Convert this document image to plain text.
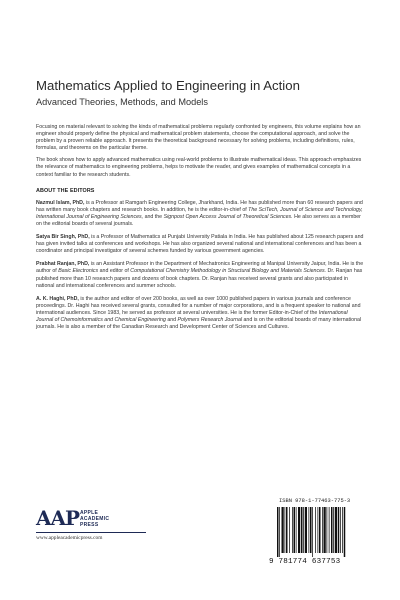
Mathematics Applied to Engineering in Action
Advanced Theories, Methods, and Models

Focusing on material relevant to solving the kinds of mathematical problems regularly confronted by engineers, this volume explains how an engineer should properly define the physical and mathematical problem statements, choose the computational approach, and solve the problem by a proven reliable approach. It presents the theoretical background necessary for solving problems, including definitions, rules, formulas, and theorems on the particular theme.

The book shows how to apply advanced mathematics using real-world problems to illustrate mathematical ideas. This approach emphasizes the relevance of mathematics to engineering problems, helps to motivate the reader, and gives examples of mathematical concepts in a context familiar to the research students.

ABOUT THE EDITORS

Nazmul Islam, PhD, is a Professor at Ramgarh Engineering College, Jharkhand, India. He has published more than 60 research papers and has written many book chapters and research books. In addition, he is the editor-in-chief of The SciTech, Journal of Science and Technology, International Journal of Engineering Sciences, and the Signpost Open Access Journal of Theoretical Sciences. He also serves as a member on the editorial boards of several journals.

Satya Bir Singh, PhD, is a Professor of Mathematics at Punjabi University Patiala in India. He has published about 125 research papers and has given invited talks at conferences and workshops. He has also organized several national and international conferences and has been a coordinator and principal investigator of several schemes funded by various government agencies.

Prabhat Ranjan, PhD, is an Assistant Professor in the Department of Mechatronics Engineering at Manipal University Jaipur, India. He is the author of Basic Electronics and editor of Computational Chemistry Methodology in Structural Biology and Materials Sciences. Dr. Ranjan has published more than 10 research papers and dozens of book chapters. Dr. Ranjan has received several grants and also participated in national and international conferences and summer schools.

A. K. Haghi, PhD, is the author and editor of over 200 books, as well as over 1000 published papers in various journals and conference proceedings. Dr. Haghi has received several grants, consulted for a number of major corporations, and is a frequent speaker to national and international audiences. Since 1983, he served as professor at several universities. He is the former Editor-in-Chief of the International Journal of Chemoinformatics and Chemical Engineering and Polymers Research Journal and is on the editorial boards of many international journals. He is also a member of the Canadian Research and Development Center of Sciences and Cultures.

AAP APPLE
ACADEMIC
PRESS
www.appleacademicpress.com
ISBN 978-1-77463-775-3
9 781774 637753
